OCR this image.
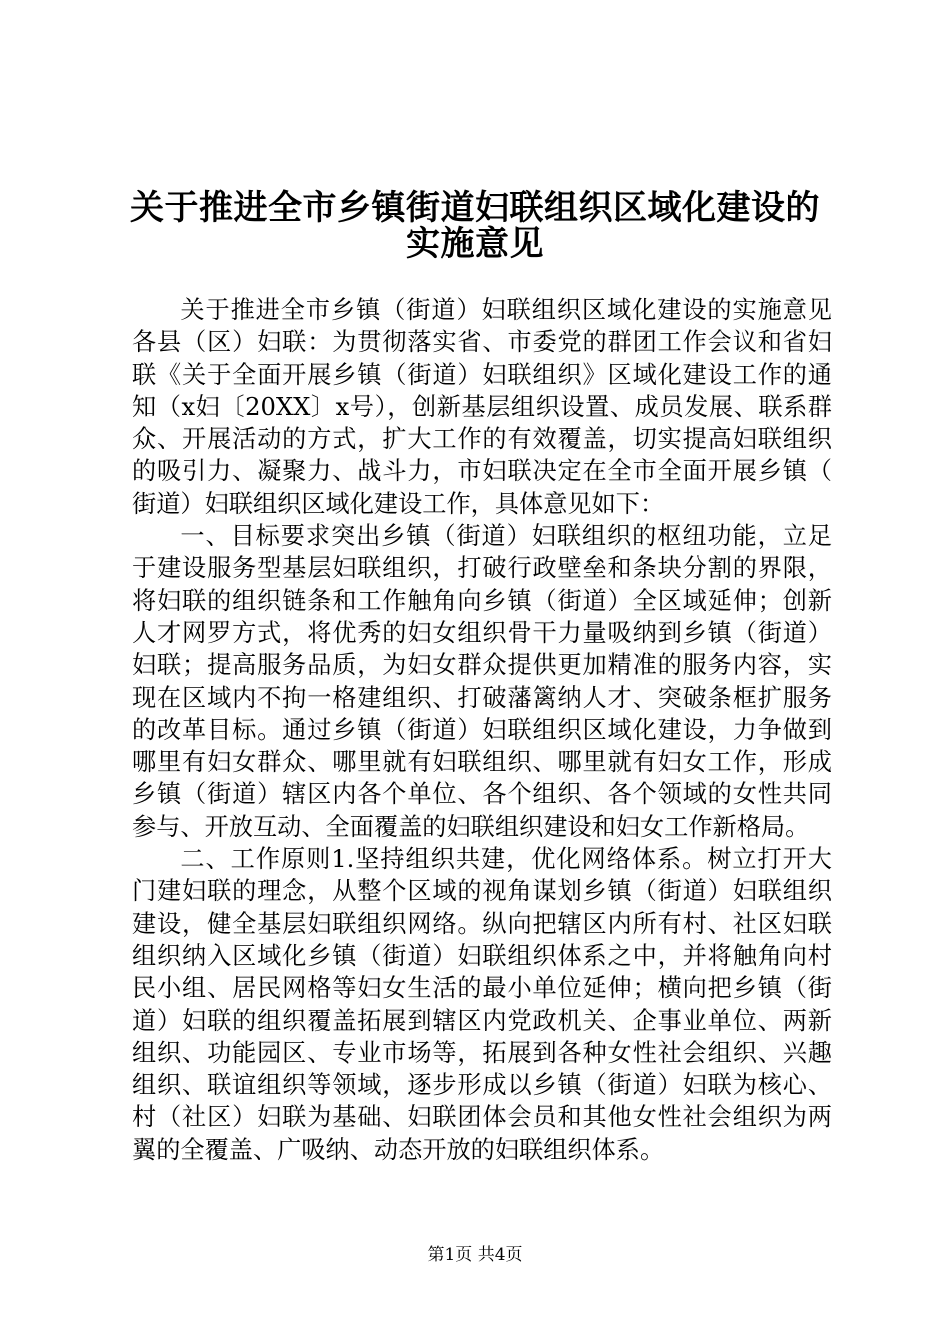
关于推进全市乡镇街道妇联组织区域化建设的
实施意见

关于推进全市乡镇（街道）妇联组织区域化建设的实施意见各县（区）妇联：为贯彻落实省、市委党的群团工作会议和省妇联《关于全面开展乡镇（街道）妇联组织》区域化建设工作的通知（x妇〔20XX〕x号），创新基层组织设置、成员发展、联系群众、开展活动的方式，扩大工作的有效覆盖，切实提高妇联组织的吸引力、凝聚力、战斗力，市妇联决定在全市全面开展乡镇（街道）妇联组织区域化建设工作，具体意见如下：

一、目标要求突出乡镇（街道）妇联组织的枢纽功能，立足于建设服务型基层妇联组织，打破行政壁垒和条块分割的界限，将妇联的组织链条和工作触角向乡镇（街道）全区域延伸；创新人才网罗方式，将优秀的妇女组织骨干力量吸纳到乡镇（街道）妇联；提高服务品质，为妇女群众提供更加精准的服务内容，实现在区域内不拘一格建组织、打破藩篱纳人才、突破条框扩服务的改革目标。通过乡镇（街道）妇联组织区域化建设，力争做到哪里有妇女群众、哪里就有妇联组织、哪里就有妇女工作，形成乡镇（街道）辖区内各个单位、各个组织、各个领域的女性共同参与、开放互动、全面覆盖的妇联组织建设和妇女工作新格局。

二、工作原则1.坚持组织共建，优化网络体系。树立打开大门建妇联的理念，从整个区域的视角谋划乡镇（街道）妇联组织建设，健全基层妇联组织网络。纵向把辖区内所有村、社区妇联组织纳入区域化乡镇（街道）妇联组织体系之中，并将触角向村民小组、居民网格等妇女生活的最小单位延伸；横向把乡镇（街道）妇联的组织覆盖拓展到辖区内党政机关、企事业单位、两新组织、功能园区、专业市场等，拓展到各种女性社会组织、兴趣组织、联谊组织等领域，逐步形成以乡镇（街道）妇联为核心、村（社区）妇联为基础、妇联团体会员和其他女性社会组织为两翼的全覆盖、广吸纳、动态开放的妇联组织体系。

第1页 共4页
